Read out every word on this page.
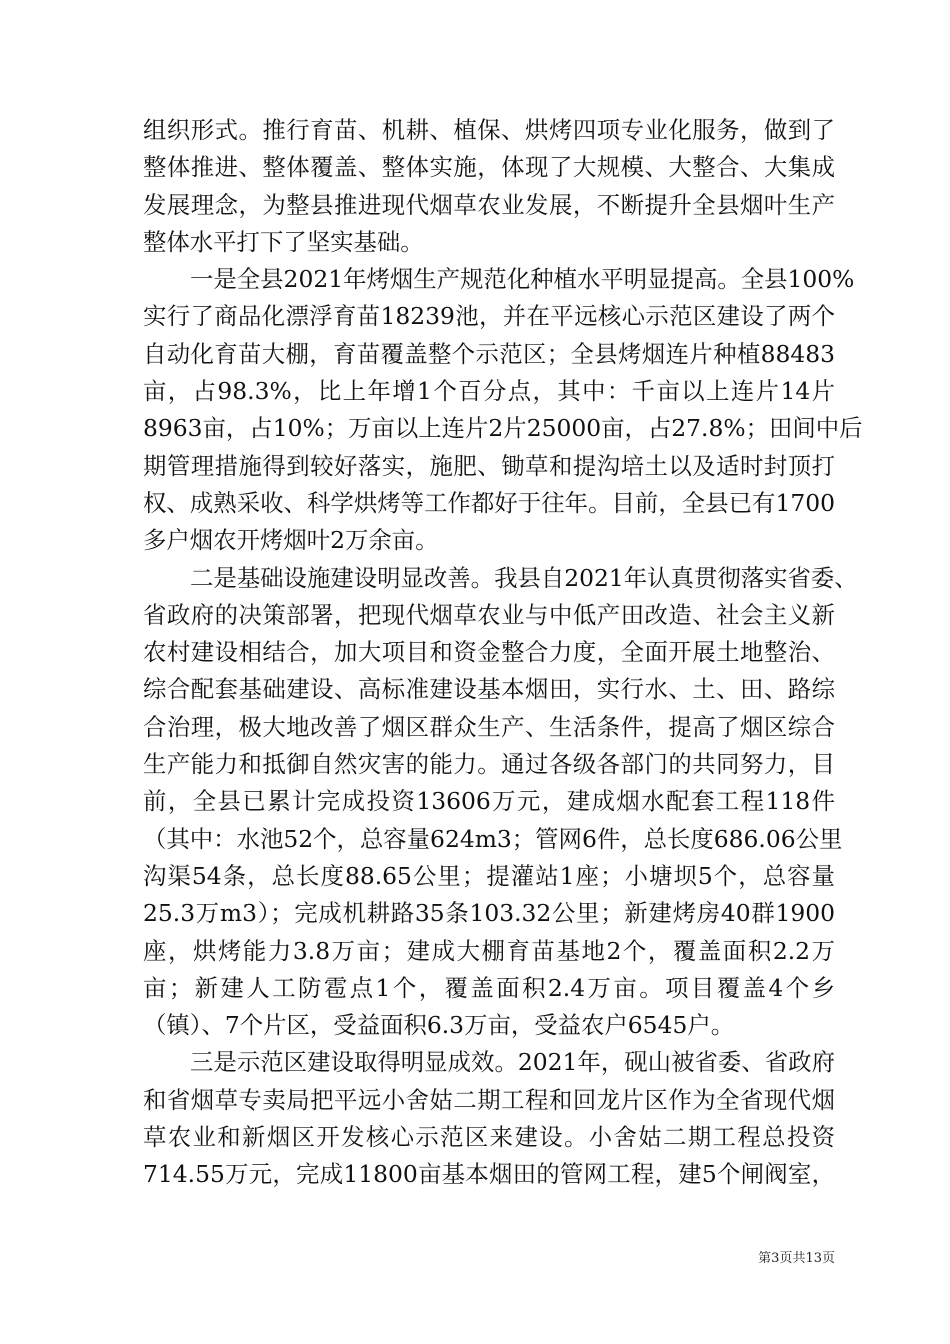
组织形式。推行育苗、机耕、植保、烘烤四项专业化服务，做到了
整体推进、整体覆盖、整体实施，体现了大规模、大整合、大集成
发展理念，为整县推进现代烟草农业发展，不断提升全县烟叶生产
整体水平打下了坚实基础。
一是全县2021年烤烟生产规范化种植水平明显提高。全县100%
实行了商品化漂浮育苗18239池，并在平远核心示范区建设了两个
自动化育苗大棚，育苗覆盖整个示范区；全县烤烟连片种植88483
亩，占98.3%，比上年增1个百分点，其中：千亩以上连片14片
8963亩，占10%；万亩以上连片2片25000亩，占27.8%；田间中后
期管理措施得到较好落实，施肥、锄草和提沟培土以及适时封顶打
权、成熟采收、科学烘烤等工作都好于往年。目前，全县已有1700
多户烟农开烤烟叶2万余亩。
二是基础设施建设明显改善。我县自2021年认真贯彻落实省委、
省政府的决策部署，把现代烟草农业与中低产田改造、社会主义新
农村建设相结合，加大项目和资金整合力度，全面开展土地整治、
综合配套基础建设、高标准建设基本烟田，实行水、土、田、路综
合治理，极大地改善了烟区群众生产、生活条件，提高了烟区综合
生产能力和抵御自然灾害的能力。通过各级各部门的共同努力，目
前，全县已累计完成投资13606万元，建成烟水配套工程118件
（其中：水池52个，总容量624m3；管网6件，总长度686.06公里
沟渠54条，总长度88.65公里；提灌站1座；小塘坝5个，总容量
25.3万m3）；完成机耕路35条103.32公里；新建烤房40群1900
座，烘烤能力3.8万亩；建成大棚育苗基地2个，覆盖面积2.2万
亩；新建人工防雹点1个，覆盖面积2.4万亩。项目覆盖4个乡
（镇）、7个片区，受益面积6.3万亩，受益农户6545户。
三是示范区建设取得明显成效。2021年，砚山被省委、省政府
和省烟草专卖局把平远小舍姑二期工程和回龙片区作为全省现代烟
草农业和新烟区开发核心示范区来建设。小舍姑二期工程总投资
714.55万元，完成11800亩基本烟田的管网工程，建5个闸阀室，
第3页共13页
